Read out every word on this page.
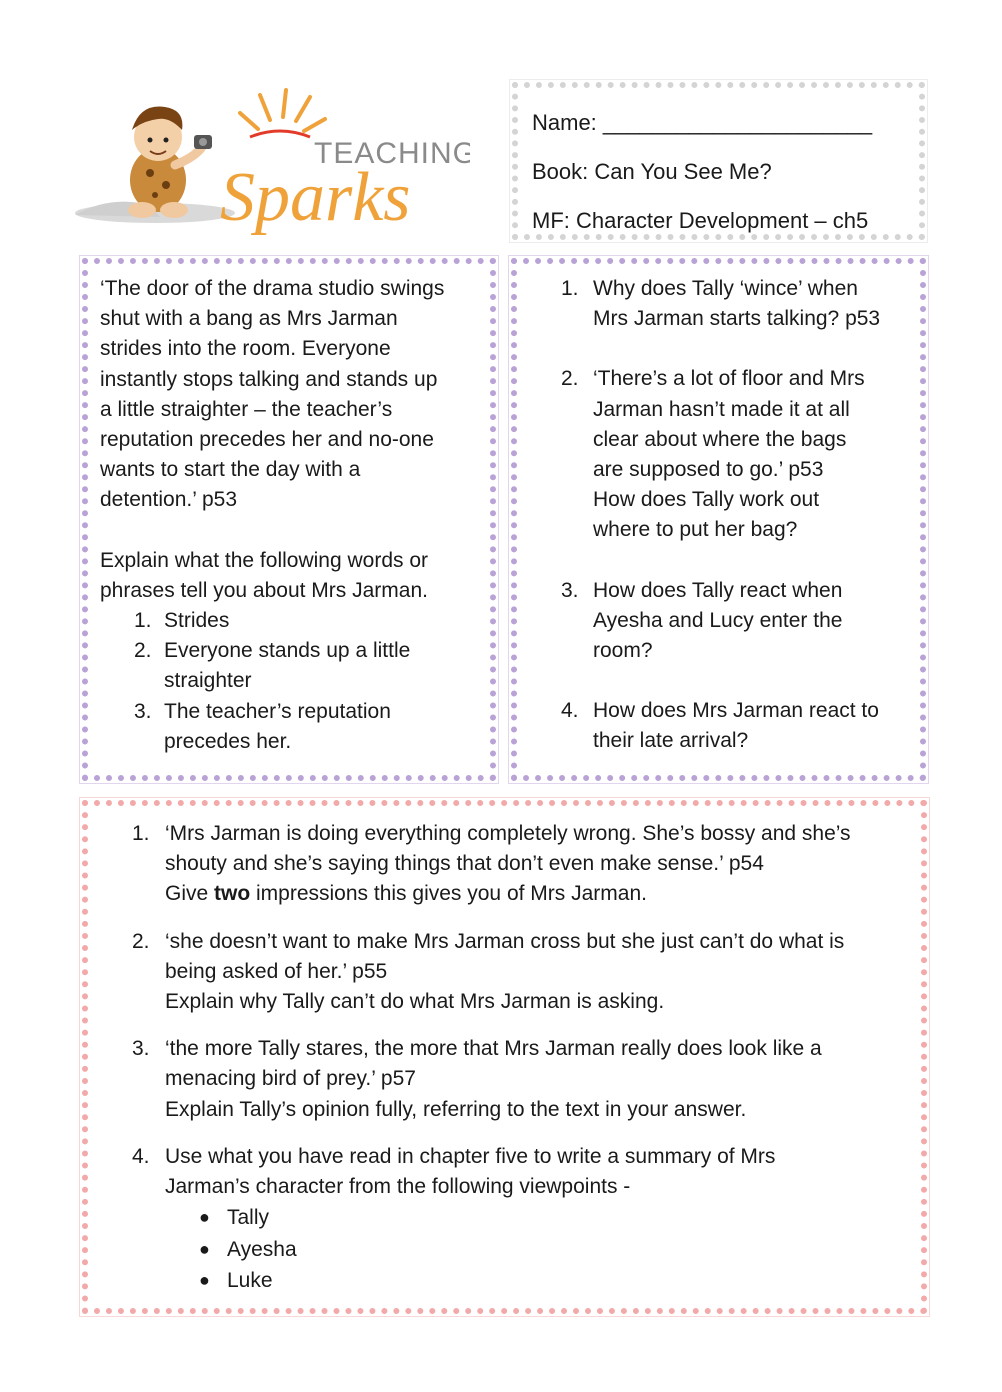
TEACHING
Sparks
Name: ______________________
Book: Can You See Me?
MF: Character Development – ch5
‘The door of the drama studio swings
shut with a bang as Mrs Jarman
strides into the room. Everyone
instantly stops talking and stands up
a little straighter – the teacher’s
reputation precedes her and no-one
wants to start the day with a
detention.’ p53
Explain what the following words or
phrases tell you about Mrs Jarman.
1. Strides
2. Everyone stands up a little
straighter
3. The teacher’s reputation
precedes her.
1. Why does Tally ‘wince’ when
Mrs Jarman starts talking? p53
2. ‘There’s a lot of floor and Mrs
Jarman hasn’t made it at all
clear about where the bags
are supposed to go.’ p53
How does Tally work out
where to put her bag?
3. How does Tally react when
Ayesha and Lucy enter the
room?
4. How does Mrs Jarman react to
their late arrival?
1. ‘Mrs Jarman is doing everything completely wrong. She’s bossy and she’s
shouty and she’s saying things that don’t even make sense.’ p54
Give two impressions this gives you of Mrs Jarman.
2. ‘she doesn’t want to make Mrs Jarman cross but she just can’t do what is
being asked of her.’ p55
Explain why Tally can’t do what Mrs Jarman is asking.
3. ‘the more Tally stares, the more that Mrs Jarman really does look like a
menacing bird of prey.’ p57
Explain Tally’s opinion fully, referring to the text in your answer.
4. Use what you have read in chapter five to write a summary of Mrs
Jarman’s character from the following viewpoints -
● Tally
● Ayesha
● Luke
